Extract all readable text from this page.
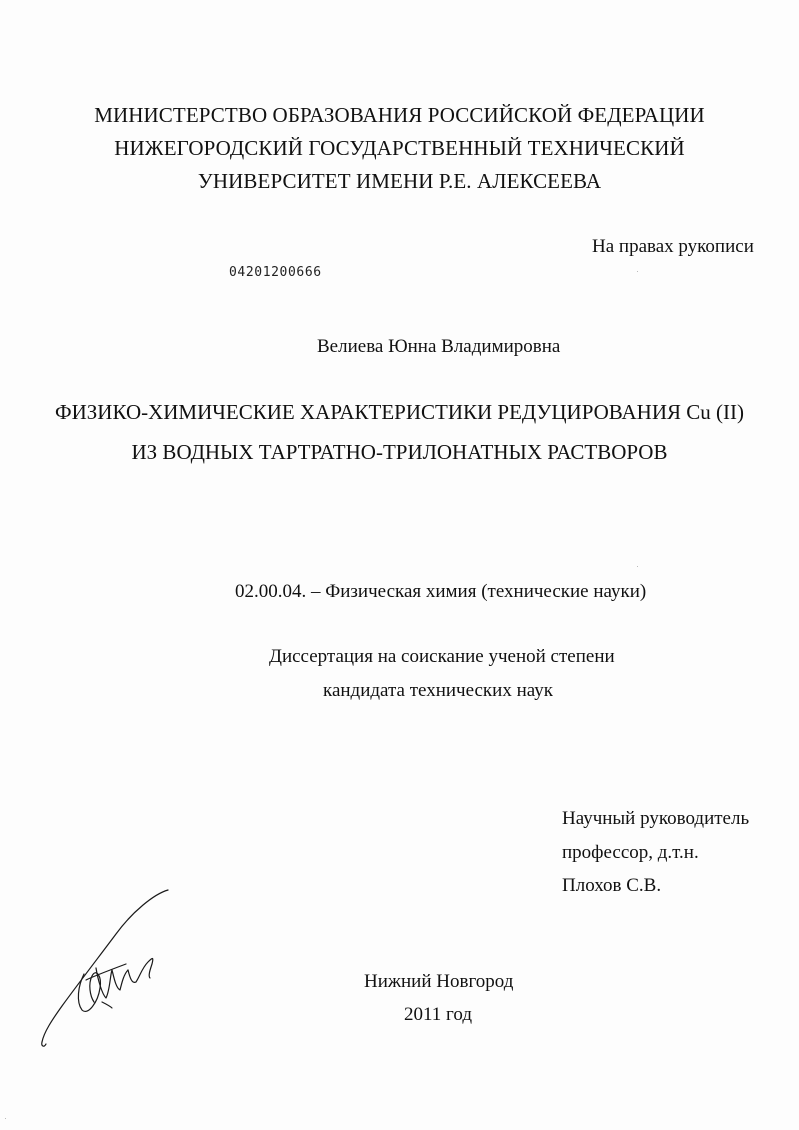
МИНИСТЕРСТВО ОБРАЗОВАНИЯ РОССИЙСКОЙ ФЕДЕРАЦИИ
НИЖЕГОРОДСКИЙ ГОСУДАРСТВЕННЫЙ ТЕХНИЧЕСКИЙ
УНИВЕРСИТЕТ ИМЕНИ Р.Е. АЛЕКСЕЕВА
На правах рукописи
04201200666
Велиева Юнна Владимировна
ФИЗИКО-ХИМИЧЕСКИЕ ХАРАКТЕРИСТИКИ РЕДУЦИРОВАНИЯ Cu (II)
ИЗ ВОДНЫХ ТАРТРАТНО-ТРИЛОНАТНЫХ РАСТВОРОВ
02.00.04. – Физическая химия (технические науки)
Диссертация на соискание ученой степени
кандидата технических наук
Научный руководитель
профессор, д.т.н.
Плохов С.В.
Нижний Новгород
2011 год
